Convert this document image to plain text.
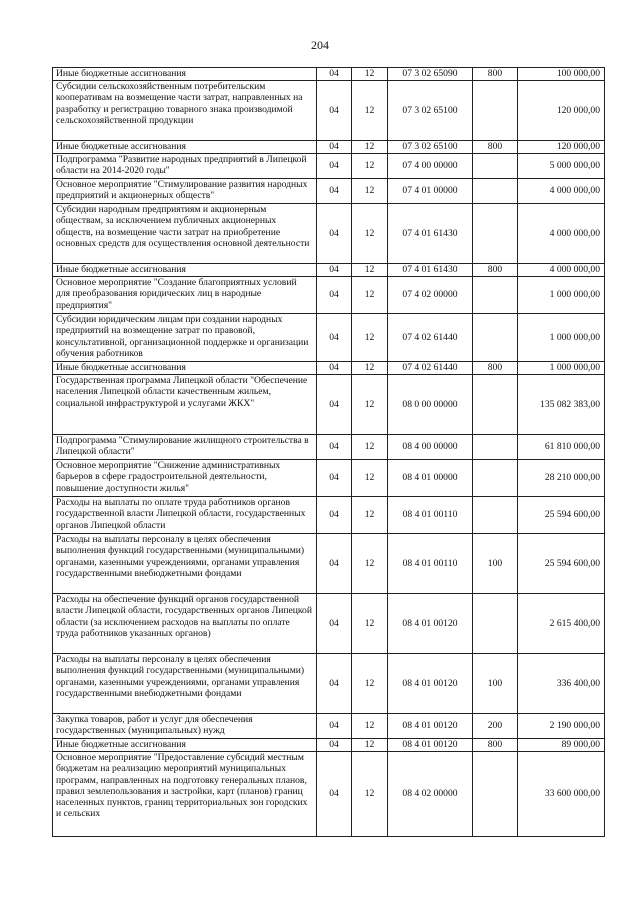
204
Иные бюджетные ассигнования	04	12	07 3 02 65090	800	100 000,00
Субсидии сельскохозяйственным потребительским кооперативам на возмещение части затрат, направленных на разработку и регистрацию товарного знака производимой сельскохозяйственной продукции	04	12	07 3 02 65100		120 000,00
Иные бюджетные ассигнования	04	12	07 3 02 65100	800	120 000,00
Подпрограмма "Развитие народных предприятий в Липецкой области на 2014-2020 годы"	04	12	07 4 00 00000		5 000 000,00
Основное мероприятие "Стимулирование развития народных предприятий и акционерных обществ"	04	12	07 4 01 00000		4 000 000,00
Субсидии народным предприятиям и акционерным обществам, за исключением публичных акционерных обществ, на возмещение части затрат на приобретение основных средств для осуществления основной деятельности	04	12	07 4 01 61430		4 000 000,00
Иные бюджетные ассигнования	04	12	07 4 01 61430	800	4 000 000,00
Основное мероприятие "Создание благоприятных условий для преобразования юридических лиц в народные предприятия"	04	12	07 4 02 00000		1 000 000,00
Субсидии юридическим лицам при создании народных предприятий на возмещение затрат по правовой, консультативной, организационной поддержке и организации обучения работников	04	12	07 4 02 61440		1 000 000,00
Иные бюджетные ассигнования	04	12	07 4 02 61440	800	1 000 000,00
Государственная программа Липецкой области "Обеспечение населения Липецкой области качественным жильем, социальной инфраструктурой и услугами ЖКХ"	04	12	08 0 00 00000		135 082 383,00
Подпрограмма "Стимулирование жилищного строительства в Липецкой области"	04	12	08 4 00 00000		61 810 000,00
Основное мероприятие "Снижение административных барьеров в сфере градостроительной деятельности, повышение доступности жилья"	04	12	08 4 01 00000		28 210 000,00
Расходы на выплаты по оплате труда работников органов государственной власти Липецкой области, государственных органов Липецкой области	04	12	08 4 01 00110		25 594 600,00
Расходы на выплаты персоналу в целях обеспечения выполнения функций государственными (муниципальными) органами, казенными учреждениями, органами управления государственными внебюджетными фондами	04	12	08 4 01 00110	100	25 594 600,00
Расходы на обеспечение функций органов государственной власти Липецкой области, государственных органов Липецкой области (за исключением расходов на выплаты по оплате труда работников указанных органов)	04	12	08 4 01 00120		2 615 400,00
Расходы на выплаты персоналу в целях обеспечения выполнения функций государственными (муниципальными) органами, казенными учреждениями, органами управления государственными внебюджетными фондами	04	12	08 4 01 00120	100	336 400,00
Закупка товаров, работ и услуг для обеспечения государственных (муниципальных) нужд	04	12	08 4 01 00120	200	2 190 000,00
Иные бюджетные ассигнования	04	12	08 4 01 00120	800	89 000,00
Основное мероприятие "Предоставление субсидий местным бюджетам на реализацию мероприятий муниципальных программ, направленных на подготовку генеральных планов, правил землепользования и застройки, карт (планов) границ населенных пунктов, границ территориальных зон городских и сельских	04	12	08 4 02 00000		33 600 000,00
